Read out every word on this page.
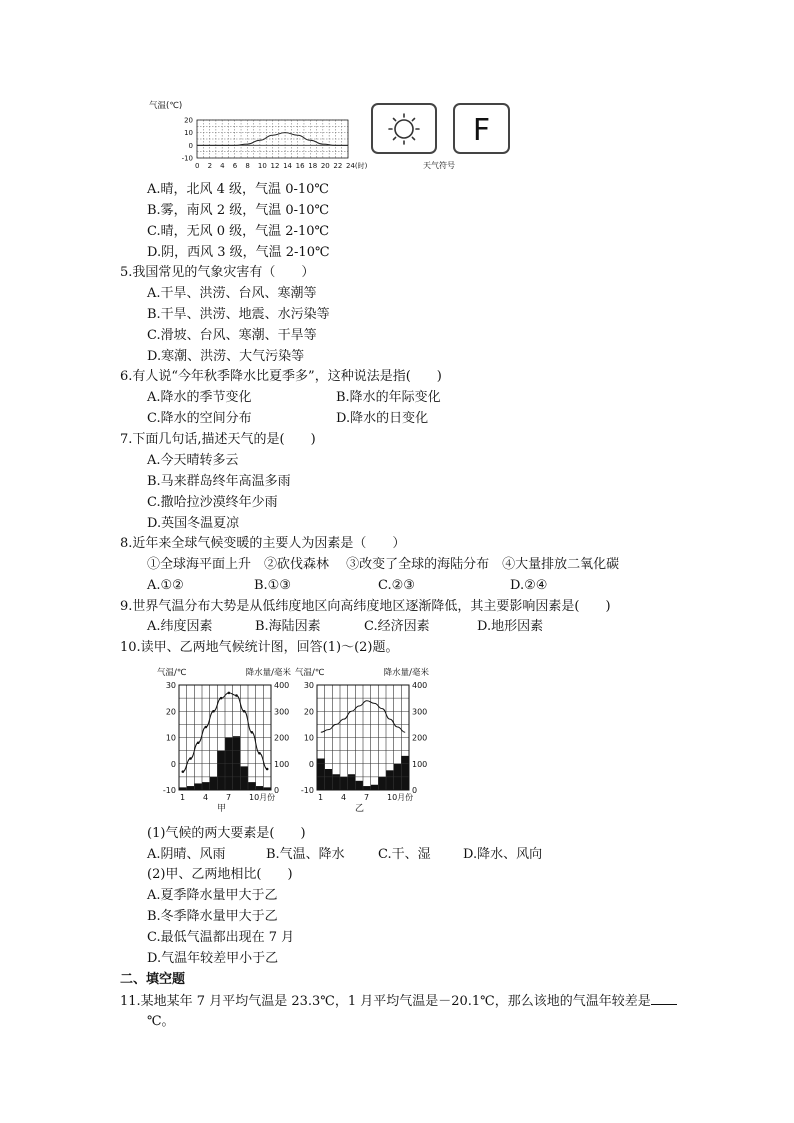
气温(℃)
20
10
0
-10
0 2 4 6 8 10 12 14 16 18 20 22 24(时)
F
天气符号
A.晴，北风 4 级，气温 0-10℃
B.雾，南风 2 级，气温 0-10℃
C.晴，无风 0 级，气温 2-10℃
D.阴，西风 3 级，气温 2-10℃
5.我国常见的气象灾害有（　　）
A.干旱、洪涝、台风、寒潮等
B.干旱、洪涝、地震、水污染等
C.滑坡、台风、寒潮、干旱等
D.寒潮、洪涝、大气污染等
6.有人说“今年秋季降水比夏季多”，这种说法是指(　　)
A.降水的季节变化	B.降水的年际变化
C.降水的空间分布	D.降水的日变化
7.下面几句话,描述天气的是(　　)
A.今天晴转多云
B.马来群岛终年高温多雨
C.撒哈拉沙漠终年少雨
D.英国冬温夏凉
8.近年来全球气候变暖的主要人为因素是（　　）
①全球海平面上升　②砍伐森林　 ③改变了全球的海陆分布　④大量排放二氧化碳
A.①②	B.①③	C.②③	D.②④
9.世界气温分布大势是从低纬度地区向高纬度地区逐渐降低，其主要影响因素是(　　)
A.纬度因素	B.海陆因素	C.经济因素	D.地形因素
10.读甲、乙两地气候统计图，回答(1)～(2)题。
气温/℃	降水量/毫米
-10
0
10
20
30
0
100
200
300
400
1 4 7 10月份
甲
气温/℃	降水量/毫米
-10
0
10
20
30
0
100
200
300
400
1 4 7 10月份
乙
(1)气候的两大要素是(　　)
A.阴晴、风雨	B.气温、降水	C.干、湿 D.降水、风向
(2)甲、乙两地相比(　　)
A.夏季降水量甲大于乙
B.冬季降水量甲大于乙
C.最低气温都出现在 7 月
D.气温年较差甲小于乙
二、填空题
11.某地某年 7 月平均气温是 23.3℃，1 月平均气温是－20.1℃，那么该地的气温年较差是
℃。
